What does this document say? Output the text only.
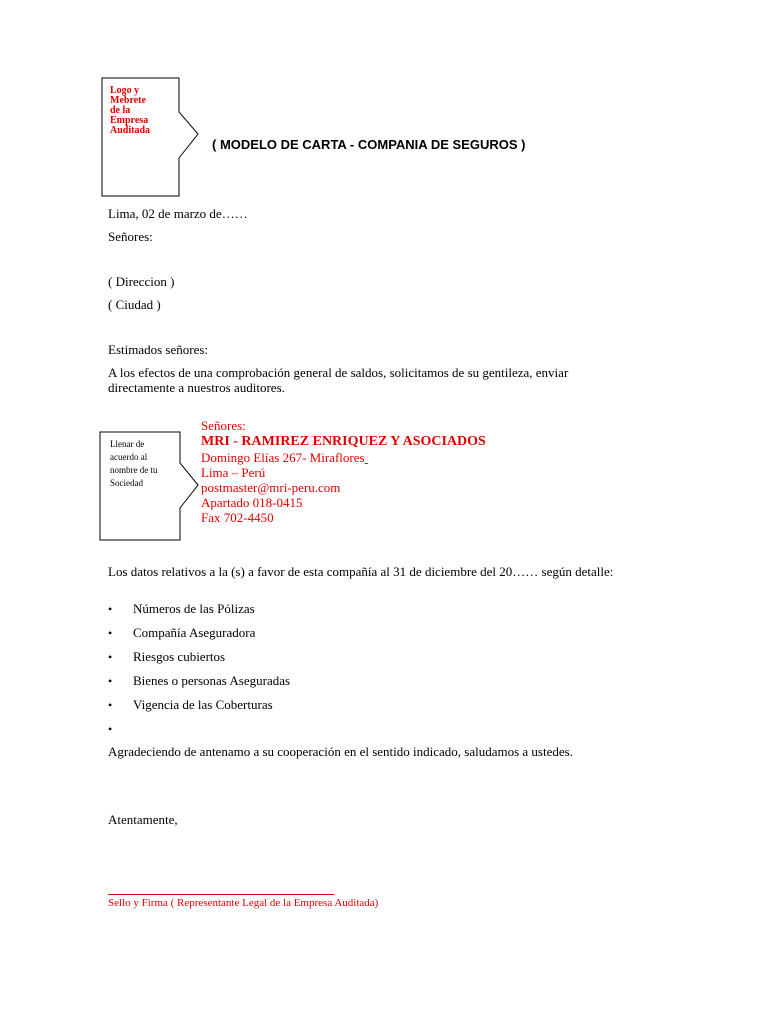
Logo y Mebrete de la Empresa Auditada
( MODELO DE CARTA - COMPANIA DE SEGUROS )
Lima, 02 de marzo de……
Señores:
( Direccion )
( Ciudad )
Estimados señores:
A los efectos de una comprobación general de saldos, solicitamos de su gentileza, enviar
directamente a nuestros auditores.
Llenar de acuerdo al nombre de tu Sociedad
Señores:
MRI - RAMIREZ ENRIQUEZ Y ASOCIADOS
Domingo Elías 267- Miraflores
Lima – Perú
postmaster@mri-peru.com
Apartado 018-0415
Fax 702-4450
Los datos relativos a la (s) a favor de esta compañía al 31 de diciembre del 20…… según detalle:
• Números de las Pólizas
• Compañía Aseguradora
• Riesgos cubiertos
• Bienes o personas Aseguradas
• Vigencia de las Coberturas
•
Agradeciendo de antenamo a su cooperación en el sentido indicado, saludamos a ustedes.
Atentamente,
Sello y Firma ( Representante Legal de la Empresa Auditada)
